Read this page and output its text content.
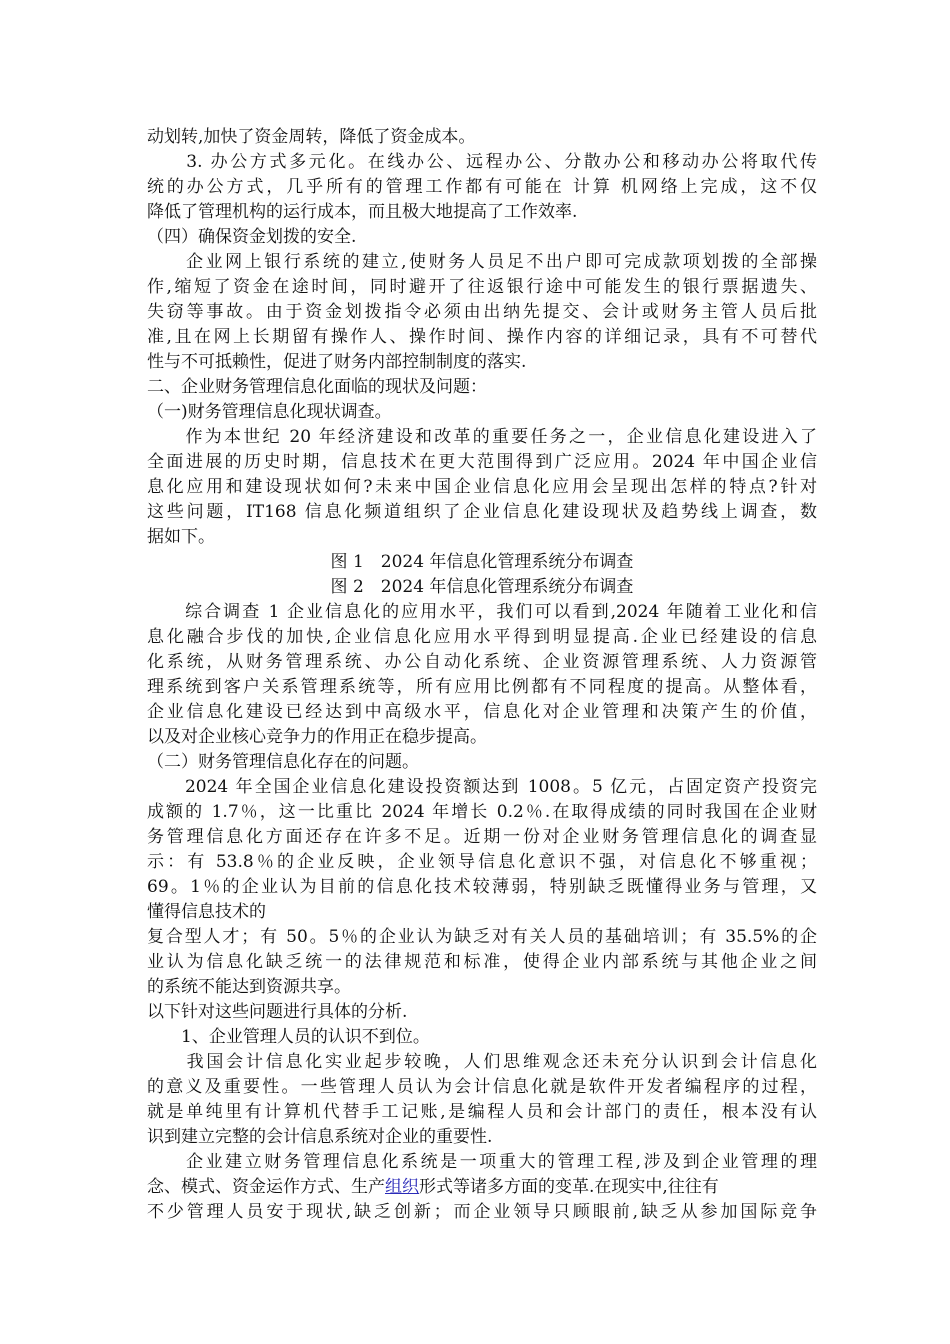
动划转,加快了资金周转，降低了资金成本。
　　3. 办公方式多元化。在线办公、远程办公、分散办公和移动办公将取代传
统的办公方式，几乎所有的管理工作都有可能在 计算 机网络上完成，这不仅
降低了管理机构的运行成本，而且极大地提高了工作效率.
（四）确保资金划拨的安全.
　　企业网上银行系统的建立,使财务人员足不出户即可完成款项划拨的全部操
作,缩短了资金在途时间，同时避开了往返银行途中可能发生的银行票据遗失、
失窃等事故。由于资金划拨指令必须由出纳先提交、会计或财务主管人员后批
准,且在网上长期留有操作人、操作时间、操作内容的详细记录，具有不可替代
性与不可抵赖性，促进了财务内部控制制度的落实.
二、企业财务管理信息化面临的现状及问题：
（一)财务管理信息化现状调查。
　　作为本世纪 20 年经济建设和改革的重要任务之一，企业信息化建设进入了
全面进展的历史时期，信息技术在更大范围得到广泛应用。2024 年中国企业信
息化应用和建设现状如何?未来中国企业信息化应用会呈现出怎样的特点?针对
这些问题，IT168 信息化频道组织了企业信息化建设现状及趋势线上调查，数
据如下。
图 1　2024 年信息化管理系统分布调查
图 2　2024 年信息化管理系统分布调查
　　综合调查 1 企业信息化的应用水平，我们可以看到,2024 年随着工业化和信
息化融合步伐的加快,企业信息化应用水平得到明显提高.企业已经建设的信息
化系统，从财务管理系统、办公自动化系统、企业资源管理系统、人力资源管
理系统到客户关系管理系统等，所有应用比例都有不同程度的提高。从整体看，
企业信息化建设已经达到中高级水平，信息化对企业管理和决策产生的价值，
以及对企业核心竞争力的作用正在稳步提高。
（二）财务管理信息化存在的问题。
　　2024 年全国企业信息化建设投资额达到 1008。5 亿元，占固定资产投资完
成额的 1.7％，这一比重比 2024 年增长 0.2％.在取得成绩的同时我国在企业财
务管理信息化方面还存在许多不足。近期一份对企业财务管理信息化的调查显
示：有 53.8％的企业反映，企业领导信息化意识不强，对信息化不够重视；
69。1％的企业认为目前的信息化技术较薄弱，特别缺乏既懂得业务与管理，又
懂得信息技术的
复合型人才；有 50。5％的企业认为缺乏对有关人员的基础培训；有 35.5%的企
业认为信息化缺乏统一的法律规范和标准，使得企业内部系统与其他企业之间
的系统不能达到资源共享。
以下针对这些问题进行具体的分析.
　　1、企业管理人员的认识不到位。
　　我国会计信息化实业起步较晚，人们思维观念还未充分认识到会计信息化
的意义及重要性。一些管理人员认为会计信息化就是软件开发者编程序的过程，
就是单纯里有计算机代替手工记账,是编程人员和会计部门的责任，根本没有认
识到建立完整的会计信息系统对企业的重要性.
　　企业建立财务管理信息化系统是一项重大的管理工程,涉及到企业管理的理
念、模式、资金运作方式、生产组织形式等诸多方面的变革.在现实中,往往有
不少管理人员安于现状,缺乏创新；而企业领导只顾眼前,缺乏从参加国际竞争
